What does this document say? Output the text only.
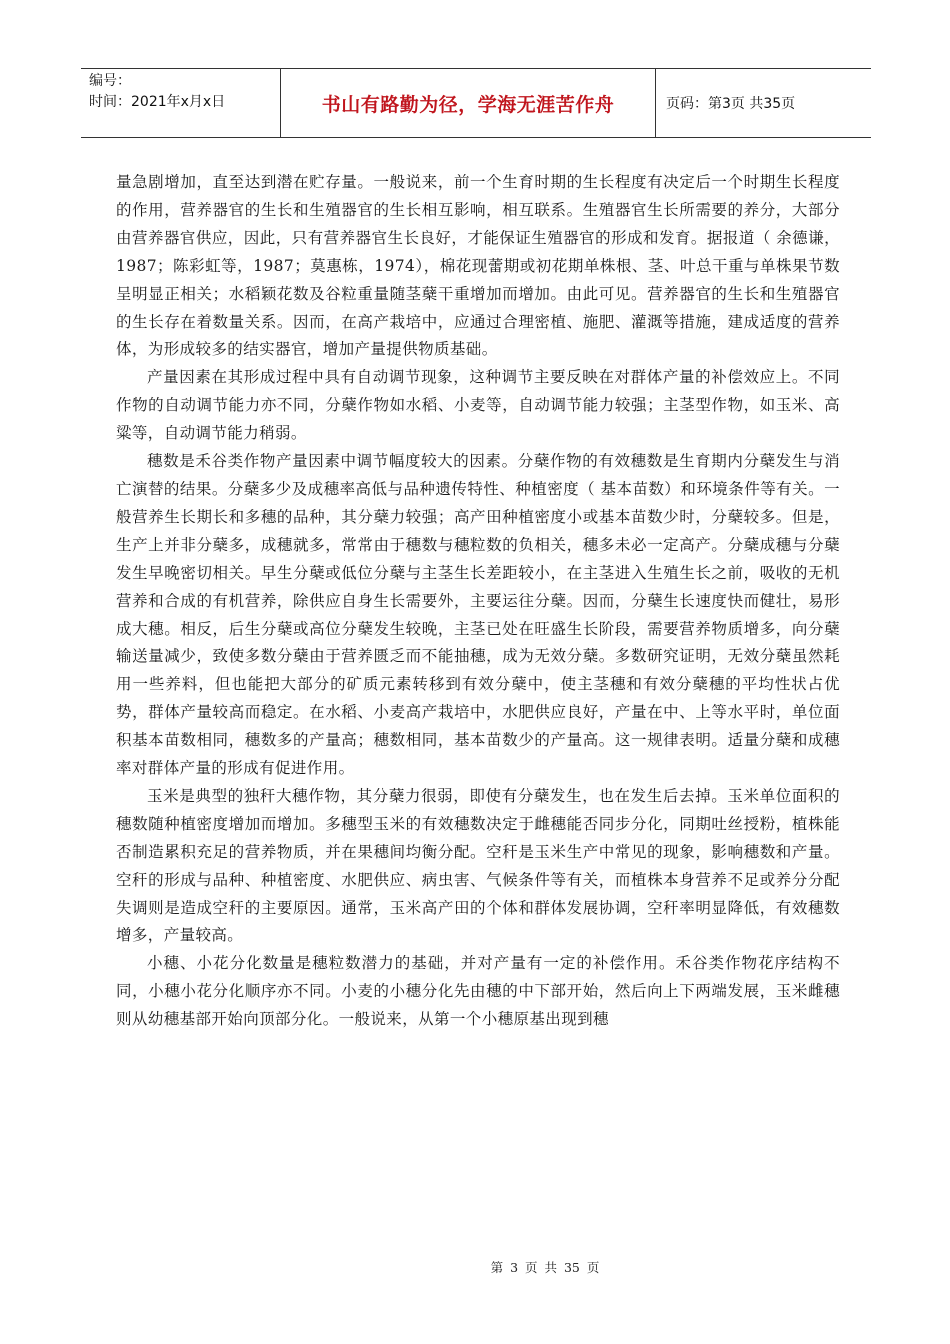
编号：
时间：2021年x月x日	书山有路勤为径，学海无涯苦作舟	页码：第3页 共35页

量急剧增加，直至达到潜在贮存量。一般说来，前一个生育时期的生长程度有决定后一个时期生长程度的作用，营养器官的生长和生殖器官的生长相互影响，相互联系。生殖器官生长所需要的养分，大部分由营养器官供应，因此，只有营养器官生长良好，才能保证生殖器官的形成和发育。据报道（ 余德谦，1987；陈彩虹等，1987；莫惠栋，1974），棉花现蕾期或初花期单株根、茎、叶总干重与单株果节数呈明显正相关；水稻颖花数及谷粒重量随茎蘖干重增加而增加。由此可见。营养器官的生长和生殖器官的生长存在着数量关系。因而，在高产栽培中，应通过合理密植、施肥、灌溉等措施，建成适度的营养体，为形成较多的结实器官，增加产量提供物质基础。

产量因素在其形成过程中具有自动调节现象，这种调节主要反映在对群体产量的补偿效应上。不同作物的自动调节能力亦不同，分蘖作物如水稻、小麦等，自动调节能力较强；主茎型作物，如玉米、高粱等，自动调节能力稍弱。

穗数是禾谷类作物产量因素中调节幅度较大的因素。分蘖作物的有效穗数是生育期内分蘖发生与消亡演替的结果。分蘖多少及成穗率高低与品种遗传特性、种植密度（ 基本苗数）和环境条件等有关。一般营养生长期长和多穗的品种，其分蘖力较强；高产田种植密度小或基本苗数少时，分蘖较多。但是，生产上并非分蘖多，成穗就多，常常由于穗数与穗粒数的负相关，穗多未必一定高产。分蘖成穗与分蘖发生早晚密切相关。早生分蘖或低位分蘖与主茎生长差距较小，在主茎进入生殖生长之前，吸收的无机营养和合成的有机营养，除供应自身生长需要外，主要运往分蘖。因而，分蘖生长速度快而健壮，易形成大穗。相反，后生分蘖或高位分蘖发生较晚，主茎已处在旺盛生长阶段，需要营养物质增多，向分蘖输送量减少，致使多数分蘖由于营养匮乏而不能抽穗，成为无效分蘖。多数研究证明，无效分蘖虽然耗用一些养料，但也能把大部分的矿质元素转移到有效分蘖中，使主茎穗和有效分蘖穗的平均性状占优势，群体产量较高而稳定。在水稻、小麦高产栽培中，水肥供应良好，产量在中、上等水平时，单位面积基本苗数相同，穗数多的产量高；穗数相同，基本苗数少的产量高。这一规律表明。适量分蘖和成穗率对群体产量的形成有促进作用。

玉米是典型的独秆大穗作物，其分蘖力很弱，即使有分蘖发生，也在发生后去掉。玉米单位面积的穗数随种植密度增加而增加。多穗型玉米的有效穗数决定于雌穗能否同步分化，同期吐丝授粉，植株能否制造累积充足的营养物质，并在果穗间均衡分配。空秆是玉米生产中常见的现象，影响穗数和产量。空秆的形成与品种、种植密度、水肥供应、病虫害、气候条件等有关，而植株本身营养不足或养分分配失调则是造成空秆的主要原因。通常，玉米高产田的个体和群体发展协调，空秆率明显降低，有效穗数增多，产量较高。

小穗、小花分化数量是穗粒数潜力的基础，并对产量有一定的补偿作用。禾谷类作物花序结构不同，小穗小花分化顺序亦不同。小麦的小穗分化先由穗的中下部开始，然后向上下两端发展，玉米雌穗则从幼穗基部开始向顶部分化。一般说来，从第一个小穗原基出现到穗

第 3 页 共 35 页
